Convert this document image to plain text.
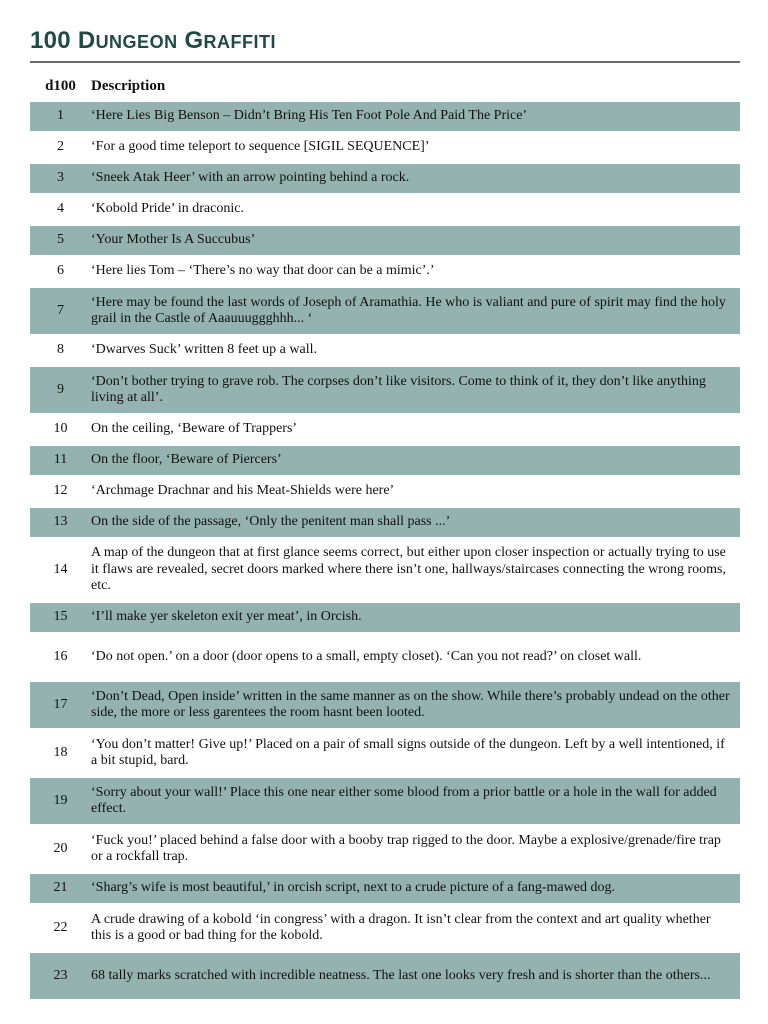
100 DUNGEON GRAFFITI
d100	Description
1	‘Here Lies Big Benson – Didn’t Bring His Ten Foot Pole And Paid The Price’

2	‘For a good time teleport to sequence [SIGIL SEQUENCE]’

3	‘Sneek Atak Heer’ with an arrow pointing behind a rock.

4	‘Kobold Pride’ in draconic.

5	‘Your Mother Is A Succubus’

6	‘Here lies Tom – ‘There’s no way that door can be a mimic’.’

7	‘Here may be found the last words of Joseph of Aramathia. He who is valiant and pure of spirit may find the holy grail in the Castle of Aaauuuggghhh... ‘

8	‘Dwarves Suck’ written 8 feet up a wall.

9	‘Don’t bother trying to grave rob. The corpses don’t like visitors. Come to think of it, they don’t like anything living at all’.

10	On the ceiling, ‘Beware of Trappers’

11	On the floor, ‘Beware of Piercers’

12	‘Archmage Drachnar and his Meat-Shields were here’

13	On the side of the passage, ‘Only the penitent man shall pass ...’

14	A map of the dungeon that at first glance seems correct, but either upon closer inspection or actually trying to use it flaws are revealed, secret doors marked where there isn’t one, hallways/staircases connecting the wrong rooms, etc.

15	‘I’ll make yer skeleton exit yer meat’, in Orcish.

16	‘Do not open.’ on a door (door opens to a small, empty closet). ‘Can you not read?’ on closet wall.

17	‘Don’t Dead, Open inside’ written in the same manner as on the show. While there’s probably undead on the other side, the more or less garentees the room hasnt been looted.

18	‘You don’t matter! Give up!’ Placed on a pair of small signs outside of the dungeon. Left by a well intentioned, if a bit stupid, bard.

19	‘Sorry about your wall!’ Place this one near either some blood from a prior battle or a hole in the wall for added effect.

20	‘Fuck you!’ placed behind a false door with a booby trap rigged to the door. Maybe a explosive/grenade/fire trap or a rockfall trap.

21	‘Sharg’s wife is most beautiful,’ in orcish script, next to a crude picture of a fang-mawed dog.

22	A crude drawing of a kobold ‘in congress’ with a dragon. It isn’t clear from the context and art quality whether this is a good or bad thing for the kobold.

23	68 tally marks scratched with incredible neatness. The last one looks very fresh and is shorter than the others...
